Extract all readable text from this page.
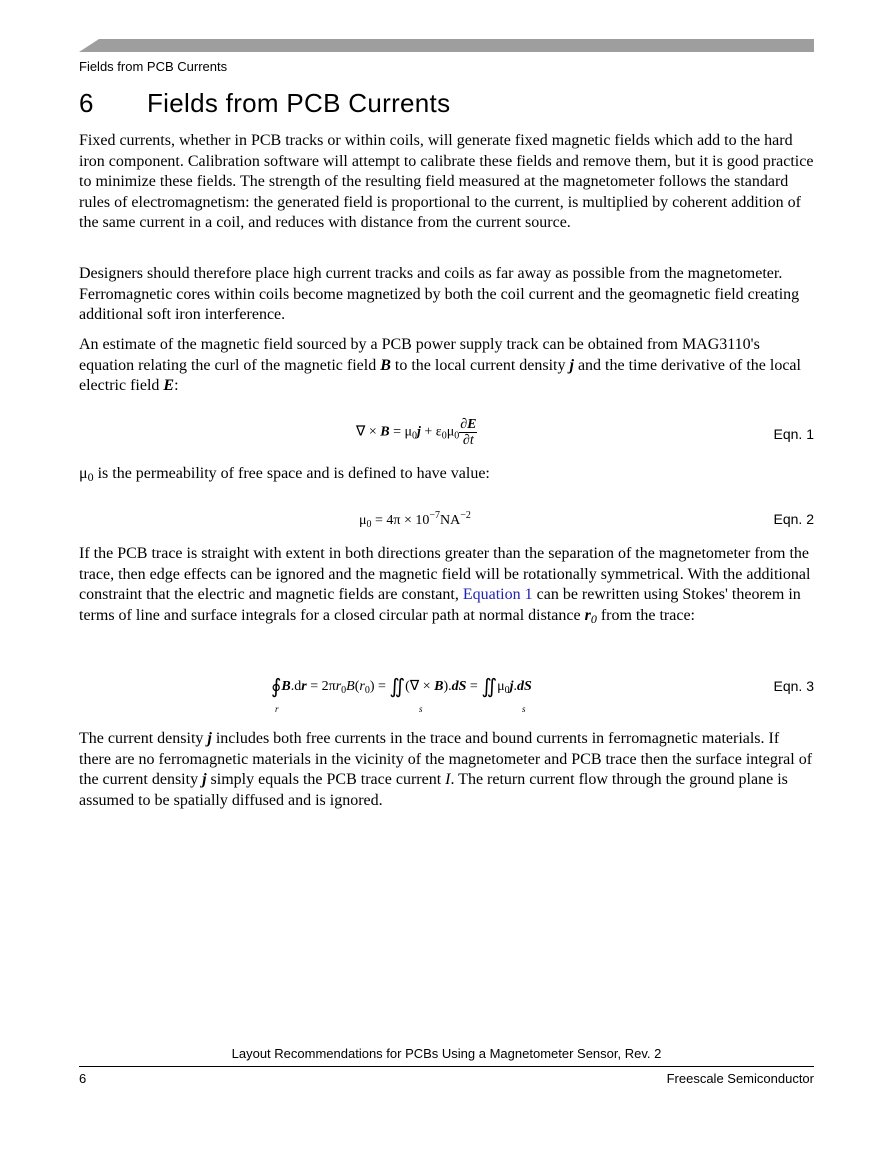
Fields from PCB Currents
6 Fields from PCB Currents

Fixed currents, whether in PCB tracks or within coils, will generate fixed magnetic fields which add to the hard iron component. Calibration software will attempt to calibrate these fields and remove them, but it is good practice to minimize these fields. The strength of the resulting field measured at the magnetometer follows the standard rules of electromagnetism: the generated field is proportional to the current, is multiplied by coherent addition of the same current in a coil, and reduces with distance from the current source.

Designers should therefore place high current tracks and coils as far away as possible from the magnetometer. Ferromagnetic cores within coils become magnetized by both the coil current and the geomagnetic field creating additional soft iron interference.

An estimate of the magnetic field sourced by a PCB power supply track can be obtained from MAG3110's equation relating the curl of the magnetic field B to the local current density j and the time derivative of the local electric field E:

∇ × $B = \mu_0j + \varepsilon_0\mu_0$
∂E
∂t	Eqn. 1

$\mu_0$ is the permeability of free space and is defined to have value:

$\mu_0 = 4\pi \times 10^{-7}NA^{-2}$	Eqn. 2

If the PCB trace is straight with extent in both directions greater than the separation of the magnetometer from the trace, then edge effects can be ignored and the magnetic field will be rotationally symmetrical. With the additional constraint that the electric and magnetic fields are constant, Equation 1 can be rewritten using Stokes' theorem in terms of line and surface integrals for a closed circular path at normal distance $r_0$ from the trace:

∮B.dr = $2\pi r_0B(r_0)$ = ∬(∇ × $B).dS = ∬\mu_0j.dS$
r	s	s
Eqn. 3

The current density j includes both free currents in the trace and bound currents in ferromagnetic materials. If there are no ferromagnetic materials in the vicinity of the magnetometer and PCB trace then the surface integral of the current density j simply equals the PCB trace current I. The return current flow through the ground plane is assumed to be spatially diffused and is ignored.

Layout Recommendations for PCBs Using a Magnetometer Sensor, Rev. 2
6	Freescale Semiconductor
